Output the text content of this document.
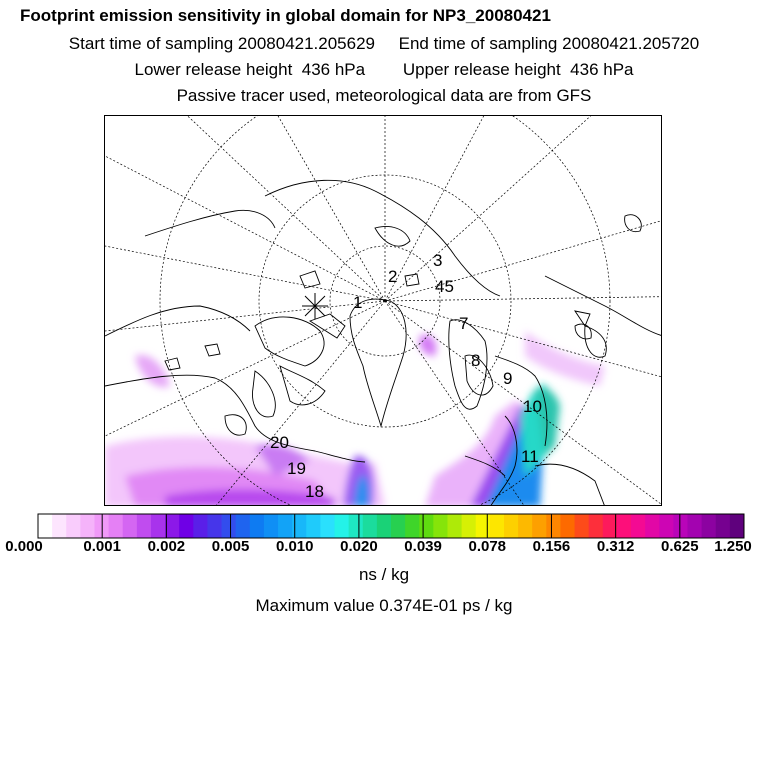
Footprint emission sensitivity in global domain for NP3_20080421
Start time of sampling 20080421.205629 End time of sampling 20080421.205720
Lower release height  436 hPa Upper release height  436 hPa
Passive tracer used, meteorological data are from GFS
1
2
3
45
7
8
9
10
11
18
19
20
0.000	0.001 0.002 0.005 0.010 0.020 0.039 0.078 0.156 0.312 0.625 1.250
ns / kg
Maximum value 0.374E-01 ps / kg
